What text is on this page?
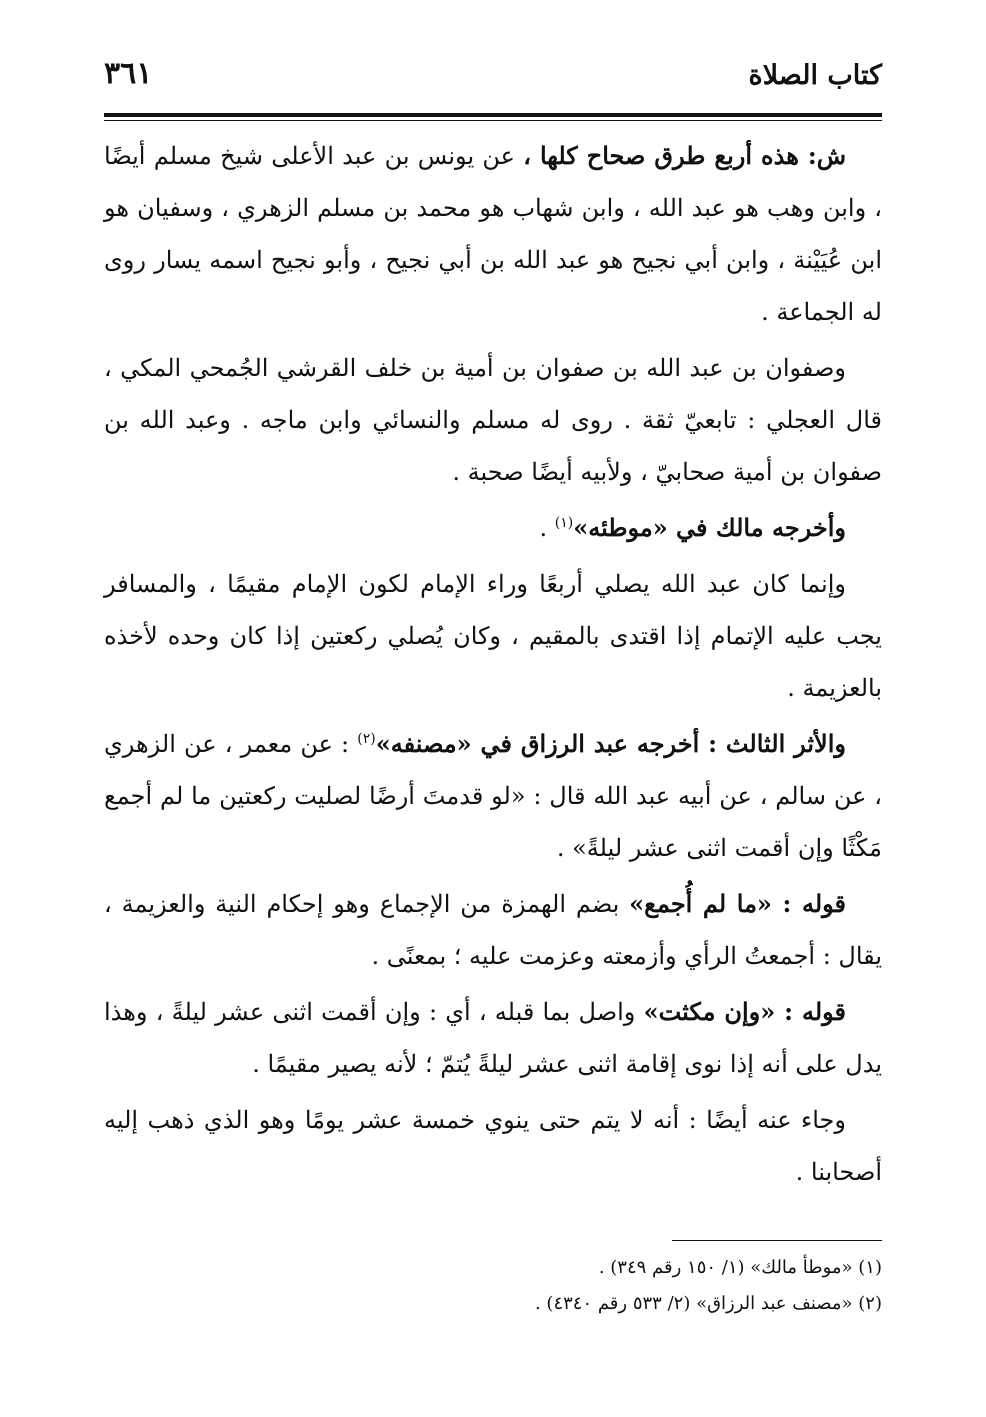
كتاب الصلاة
٣٦١

ش: هذه أربع طرق صحاح كلها ، عن يونس بن عبد الأعلى شيخ مسلم أيضًا ، وابن وهب هو عبد الله ، وابن شهاب هو محمد بن مسلم الزهري ، وسفيان هو ابن عُيَيْنة ، وابن أبي نجيح هو عبد الله بن أبي نجيح ، وأبو نجيح اسمه يسار روى له الجماعة .

وصفوان بن عبد الله بن صفوان بن أمية بن خلف القرشي الجُمحي المكي ، قال العجلي : تابعيّ ثقة . روى له مسلم والنسائي وابن ماجه . وعبد الله بن صفوان بن أمية صحابيّ ، ولأبيه أيضًا صحبة .

وأخرجه مالك في «موطئه»$^{(١)}$ .

وإنما كان عبد الله يصلي أربعًا وراء الإمام لكون الإمام مقيمًا ، والمسافر يجب عليه الإتمام إذا اقتدى بالمقيم ، وكان يُصلي ركعتين إذا كان وحده لأخذه بالعزيمة .

والأثر الثالث : أخرجه عبد الرزاق في «مصنفه»$^{(٢)}$ : عن معمر ، عن الزهري ، عن سالم ، عن أبيه عبد الله قال : «لو قدمتَ أرضًا لصليت ركعتين ما لم أجمع مَكْثًا وإن أقمت اثنى عشر ليلةً» .

قوله : «ما لم أُجمع» بضم الهمزة من الإجماع وهو إحكام النية والعزيمة ، يقال : أجمعتُ الرأي وأزمعته وعزمت عليه ؛ بمعنًى .

قوله : «وإن مكثت» واصل بما قبله ، أي : وإن أقمت اثنى عشر ليلةً ، وهذا يدل على أنه إذا نوى إقامة اثنى عشر ليلةً يُتمّ ؛ لأنه يصير مقيمًا .

وجاء عنه أيضًا : أنه لا يتم حتى ينوي خمسة عشر يومًا وهو الذي ذهب إليه أصحابنا .

(١) «موطأ مالك» (١/ ١٥٠ رقم ٣٤٩) .

(٢) «مصنف عبد الرزاق» (٢/ ٥٣٣ رقم ٤٣٤٠) .
